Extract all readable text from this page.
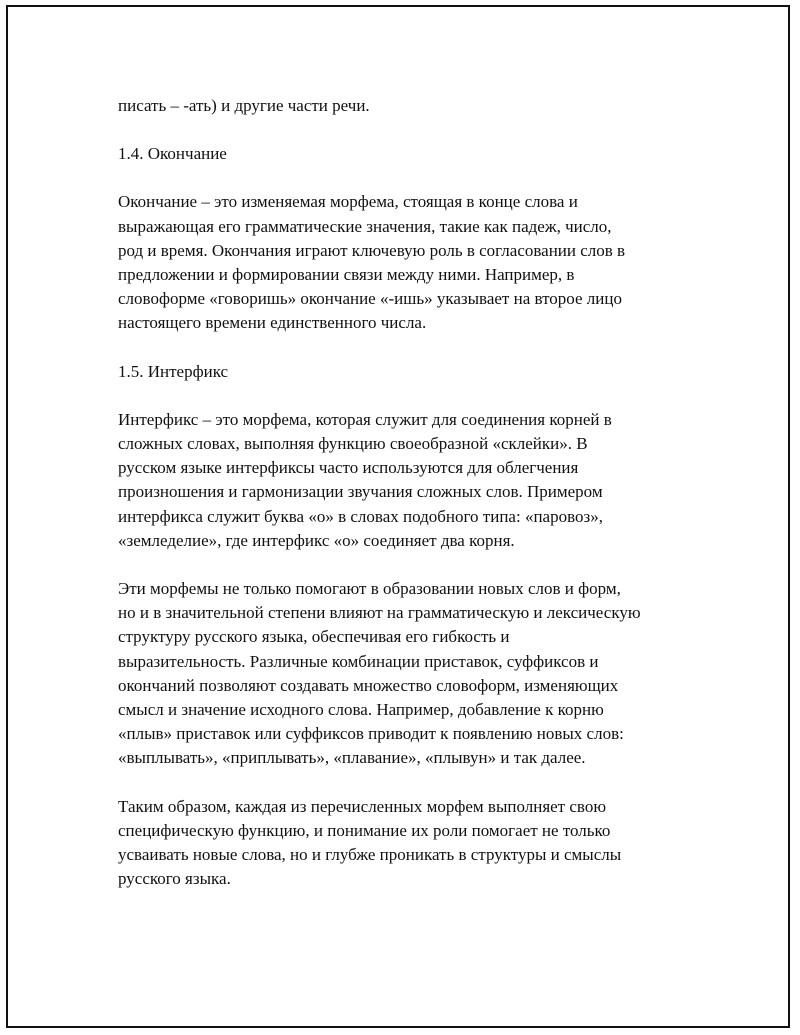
писать – -ать) и другие части речи.

1.4. Окончание

Окончание – это изменяемая морфема, стоящая в конце слова и

выражающая его грамматические значения, такие как падеж, число,

род и время. Окончания играют ключевую роль в согласовании слов в

предложении и формировании связи между ними. Например, в

словоформе «говоришь» окончание «-ишь» указывает на второе лицо

настоящего времени единственного числа.

1.5. Интерфикс

Интерфикс – это морфема, которая служит для соединения корней в

сложных словах, выполняя функцию своеобразной «склейки». В

русском языке интерфиксы часто используются для облегчения

произношения и гармонизации звучания сложных слов. Примером

интерфикса служит буква «о» в словах подобного типа: «паровоз»,

«земледелие», где интерфикс «о» соединяет два корня.

Эти морфемы не только помогают в образовании новых слов и форм,

но и в значительной степени влияют на грамматическую и лексическую

структуру русского языка, обеспечивая его гибкость и

выразительность. Различные комбинации приставок, суффиксов и

окончаний позволяют создавать множество словоформ, изменяющих

смысл и значение исходного слова. Например, добавление к корню

«плыв» приставок или суффиксов приводит к появлению новых слов:

«выплывать», «приплывать», «плавание», «плывун» и так далее.

Таким образом, каждая из перечисленных морфем выполняет свою

специфическую функцию, и понимание их роли помогает не только

усваивать новые слова, но и глубже проникать в структуры и смыслы

русского языка.
